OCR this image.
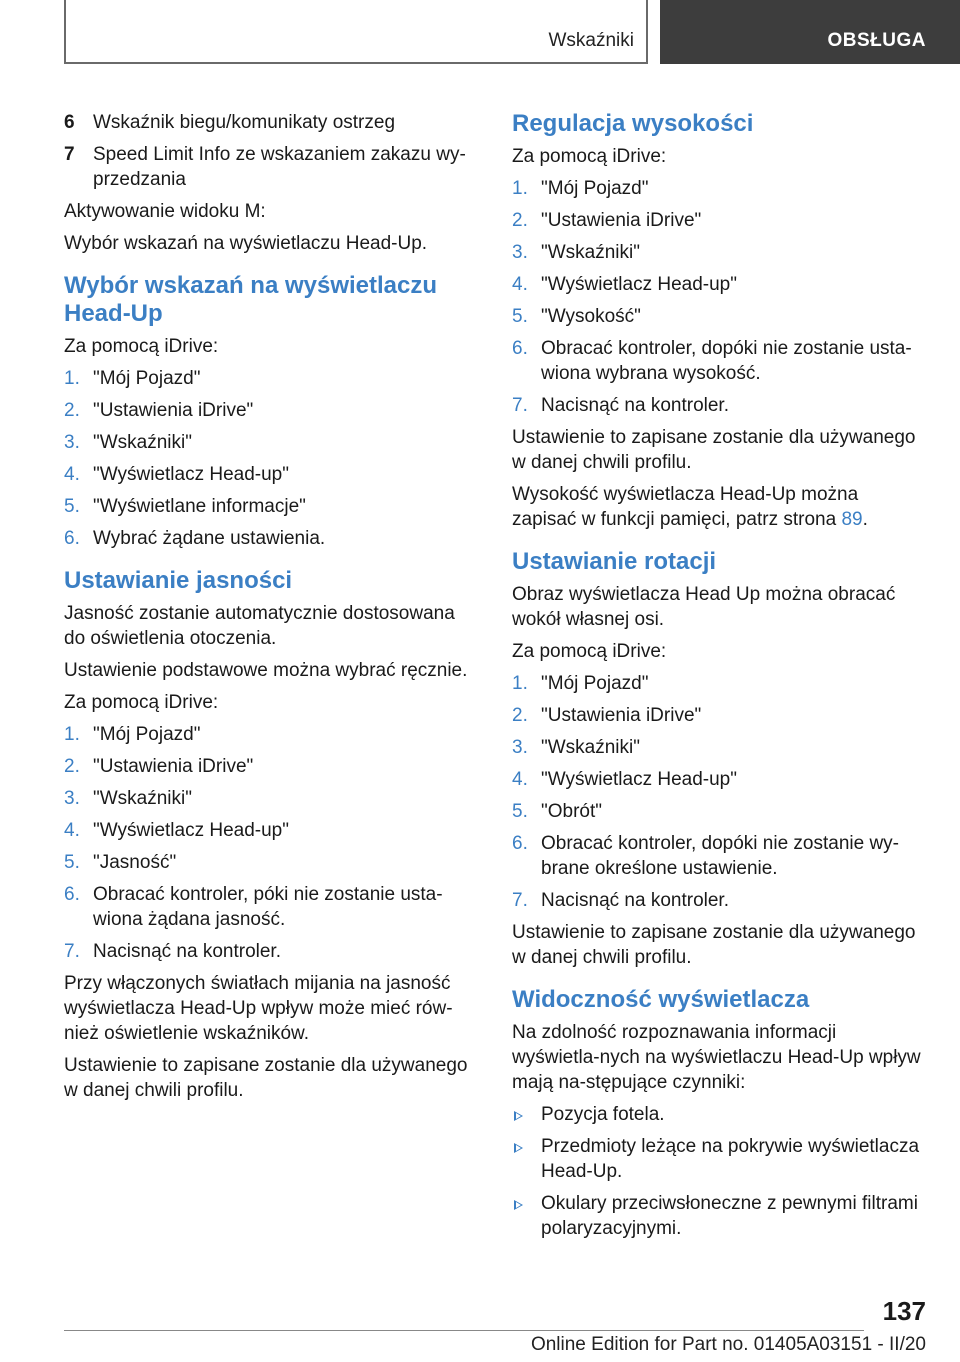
Wskaźniki	OBSŁUGA
6 Wskaźnik biegu/komunikaty ostrzeg
7 Speed Limit Info ze wskazaniem zakazu wy-przedzania

Aktywowanie widoku M:

Wybór wskazań na wyświetlaczu Head-Up.

Wybór wskazań na wyświetlaczu Head-Up

Za pomocą iDrive:

1. "Mój Pojazd"
2. "Ustawienia iDrive"
3. "Wskaźniki"
4. "Wyświetlacz Head-up"
5. "Wyświetlane informacje"
6. Wybrać żądane ustawienia.
Ustawianie jasności

Jasność zostanie automatycznie dostosowana do oświetlenia otoczenia.

Ustawienie podstawowe można wybrać ręcznie.

Za pomocą iDrive:

1. "Mój Pojazd"
2. "Ustawienia iDrive"
3. "Wskaźniki"
4. "Wyświetlacz Head-up"
5. "Jasność"
6. Obracać kontroler, póki nie zostanie usta-wiona żądana jasność.
7. Nacisnąć na kontroler.

Przy włączonych światłach mijania na jasność wyświetlacza Head-Up wpływ może mieć rów-nież oświetlenie wskaźników.

Ustawienie to zapisane zostanie dla używanego w danej chwili profilu.

Regulacja wysokości

Za pomocą iDrive:

1. "Mój Pojazd"
2. "Ustawienia iDrive"
3. "Wskaźniki"
4. "Wyświetlacz Head-up"
5. "Wysokość"
6. Obracać kontroler, dopóki nie zostanie usta-wiona wybrana wysokość.
7. Nacisnąć na kontroler.

Ustawienie to zapisane zostanie dla używanego w danej chwili profilu.

Wysokość wyświetlacza Head-Up można zapisać w funkcji pamięci, patrz strona 89.

Ustawianie rotacji

Obraz wyświetlacza Head Up można obracać wokół własnej osi.

Za pomocą iDrive:

1. "Mój Pojazd"
2. "Ustawienia iDrive"
3. "Wskaźniki"
4. "Wyświetlacz Head-up"
5. "Obrót"
6. Obracać kontroler, dopóki nie zostanie wy-brane określone ustawienie.
7. Nacisnąć na kontroler.

Ustawienie to zapisane zostanie dla używanego w danej chwili profilu.

Widoczność wyświetlacza

Na zdolność rozpoznawania informacji wyświetla-nych na wyświetlaczu Head-Up wpływ mają na-stępujące czynniki:

Pozycja fotela.
Przedmioty leżące na pokrywie wyświetlacza Head-Up.
Okulary przeciwsłoneczne z pewnymi filtrami polaryzacyjnymi.
137
Online Edition for Part no. 01405A03151 - II/20
